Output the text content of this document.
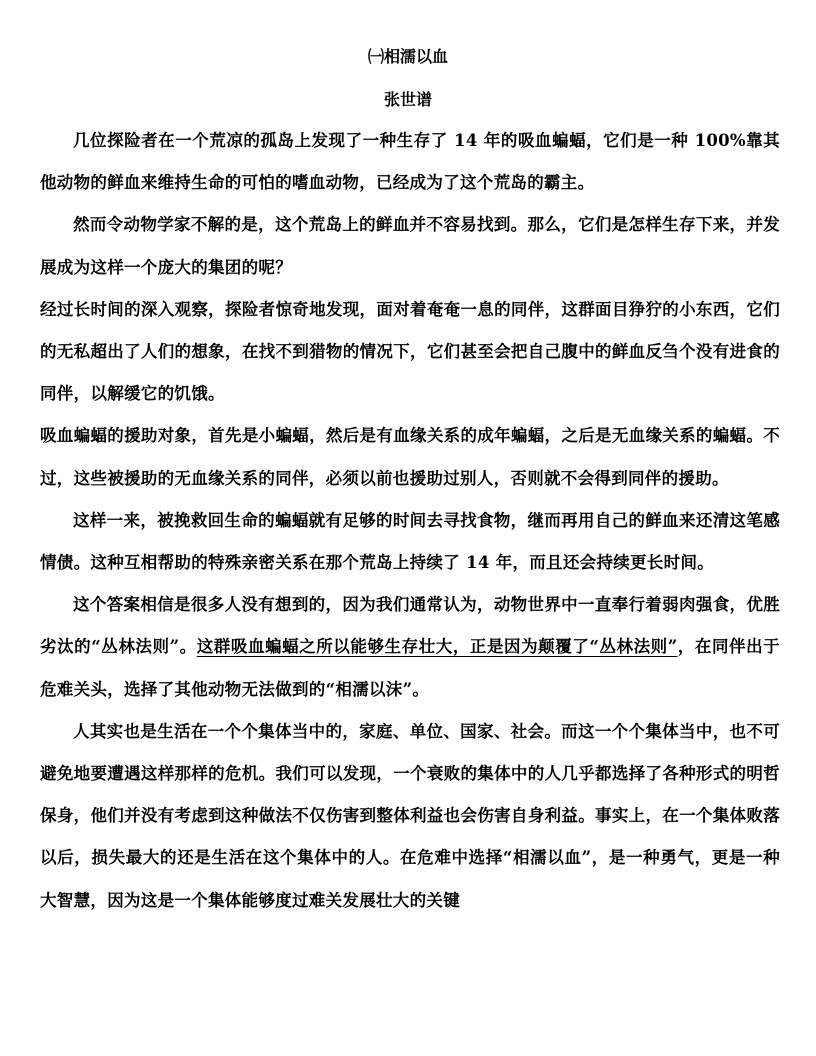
㈠相濡以血
张世谱

几位探险者在一个荒凉的孤岛上发现了一种生存了 14 年的吸血蝙蝠，它们是一种 100%靠其他动物的鲜血来维持生命的可怕的嗜血动物，已经成为了这个荒岛的霸主。

然而令动物学家不解的是，这个荒岛上的鲜血并不容易找到。那么，它们是怎样生存下来，并发展成为这样一个庞大的集团的呢？

经过长时间的深入观察，探险者惊奇地发现，面对着奄奄一息的同伴，这群面目狰狞的小东西，它们的无私超出了人们的想象，在找不到猎物的情况下，它们甚至会把自己腹中的鲜血反刍个没有进食的同伴，以解缓它的饥饿。

吸血蝙蝠的援助对象，首先是小蝙蝠，然后是有血缘关系的成年蝙蝠，之后是无血缘关系的蝙蝠。不过，这些被援助的无血缘关系的同伴，必须以前也援助过别人，否则就不会得到同伴的援助。

这样一来，被挽救回生命的蝙蝠就有足够的时间去寻找食物，继而再用自己的鲜血来还清这笔感情债。这种互相帮助的特殊亲密关系在那个荒岛上持续了 14 年，而且还会持续更长时间。

这个答案相信是很多人没有想到的，因为我们通常认为，动物世界中一直奉行着弱肉强食，优胜劣汰的“丛林法则”。这群吸血蝙蝠之所以能够生存壮大，正是因为颠覆了“丛林法则”，在同伴出于危难关头，选择了其他动物无法做到的“相濡以沫”。

人其实也是生活在一个个集体当中的，家庭、单位、国家、社会。而这一个个集体当中，也不可避免地要遭遇这样那样的危机。我们可以发现，一个衰败的集体中的人几乎都选择了各种形式的明哲保身，他们并没有考虑到这种做法不仅伤害到整体利益也会伤害自身利益。事实上，在一个集体败落以后，损失最大的还是生活在这个集体中的人。在危难中选择“相濡以血”，是一种勇气，更是一种大智慧，因为这是一个集体能够度过难关发展壮大的关键
